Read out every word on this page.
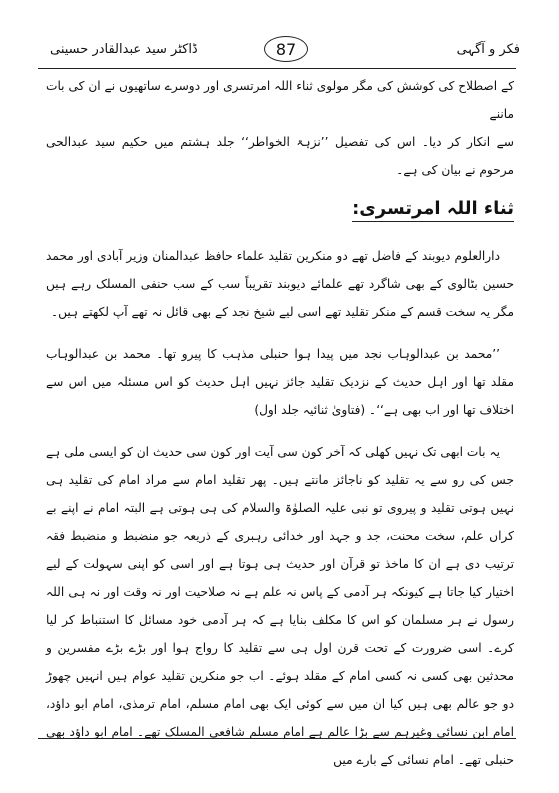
ڈاکٹر سید عبدالقادر حسینی	87	فکر و آگہی

کے اصطلاح کی کوشش کی مگر مولوی ثناء اللہ امرتسری اور دوسرے ساتھیوں نے ان کی بات ماننے

سے انکار کر دیا۔ اس کی تفصیل ’’نزہۃ الخواطر‘‘ جلد ہشتم میں حکیم سید عبدالحی مرحوم نے بیان کی ہے۔

ثناء اللہ امرتسری:

دارالعلوم دیوبند کے فاضل تھے دو منکرین تقلید علماء حافظ عبدالمنان وزیر آبادی اور محمد حسین بٹالوی کے بھی شاگرد تھے علمائے دیوبند تقریباً سب کے سب حنفی المسلک رہے ہیں مگر یہ سخت قسم کے منکر تقلید تھے اسی لیے شیخ نجد کے بھی قائل نہ تھے آپ لکھتے ہیں۔

’’محمد بن عبدالوہاب نجد میں پیدا ہوا حنبلی مذہب کا پیرو تھا۔ محمد بن عبدالوہاب مقلد تھا اور اہل حدیث کے نزدیک تقلید جائز نہیں اہل حدیث کو اس مسئلہ میں اس سے اختلاف تھا اور اب بھی ہے‘‘۔ (فتاویٰ ثنائیہ جلد اول)

یہ بات ابھی تک نہیں کھلی کہ آخر کون سی آیت اور کون سی حدیث ان کو ایسی ملی ہے جس کی رو سے یہ تقلید کو ناجائز مانتے ہیں۔ پھر تقلید امام سے مراد امام کی تقلید ہی نہیں ہوتی تقلید و پیروی تو نبی علیہ الصلوٰۃ والسلام کی ہی ہوتی ہے البتہ امام نے اپنے بے کراں علم، سخت محنت، جد و جہد اور خدائی رہبری کے ذریعہ جو منضبط و منضبط فقہ ترتیب دی ہے ان کا ماخذ تو قرآن اور حدیث ہی ہوتا ہے اور اسی کو اپنی سہولت کے لیے اختیار کیا جاتا ہے کیونکہ ہر آدمی کے پاس نہ علم ہے نہ صلاحیت اور نہ وقت اور نہ ہی اللہ رسول نے ہر مسلمان کو اس کا مکلف بنایا ہے کہ ہر آدمی خود مسائل کا استنباط کر لیا کرے۔ اسی ضرورت کے تحت قرن اول ہی سے تقلید کا رواج ہوا اور بڑے بڑے مفسرین و محدثین بھی کسی نہ کسی امام کے مقلد ہوئے۔ اب جو منکرین تقلید عوام ہیں انہیں چھوڑ دو جو عالم بھی ہیں کیا ان میں سے کوئی ایک بھی امام مسلم، امام ترمذی، امام ابو داؤد، امام ابن نسائی وغیرہم سے بڑا عالم ہے امام مسلم شافعی المسلک تھے۔ امام ابو داؤد بھی حنبلی تھے۔ امام نسائی کے بارے میں
